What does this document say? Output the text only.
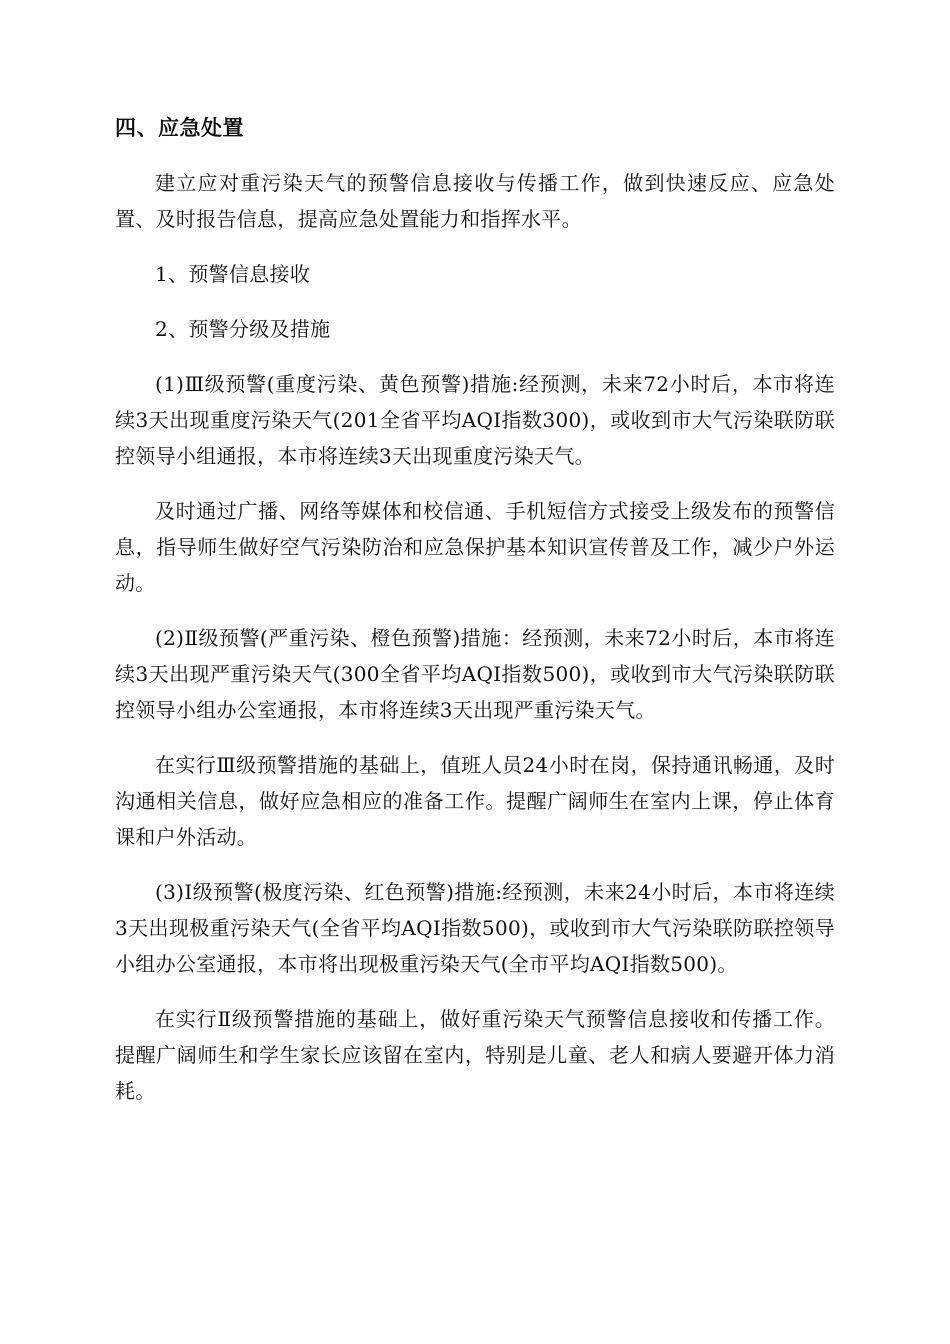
四、应急处置

建立应对重污染天气的预警信息接收与传播工作，做到快速反应、应急处置、及时报告信息，提高应急处置能力和指挥水平。

1、预警信息接收

2、预警分级及措施

(1)Ⅲ级预警(重度污染、黄色预警)措施:经预测，未来72小时后，本市将连续3天出现重度污染天气(201全省平均AQI指数300)，或收到市大气污染联防联控领导小组通报，本市将连续3天出现重度污染天气。

及时通过广播、网络等媒体和校信通、手机短信方式接受上级发布的预警信息，指导师生做好空气污染防治和应急保护基本知识宣传普及工作，减少户外运动。

(2)Ⅱ级预警(严重污染、橙色预警)措施：经预测，未来72小时后，本市将连续3天出现严重污染天气(300全省平均AQI指数500)，或收到市大气污染联防联控领导小组办公室通报，本市将连续3天出现严重污染天气。

在实行Ⅲ级预警措施的基础上，值班人员24小时在岗，保持通讯畅通，及时沟通相关信息，做好应急相应的准备工作。提醒广阔师生在室内上课，停止体育课和户外活动。

(3)Ⅰ级预警(极度污染、红色预警)措施:经预测，未来24小时后，本市将连续3天出现极重污染天气(全省平均AQI指数500)，或收到市大气污染联防联控领导小组办公室通报，本市将出现极重污染天气(全市平均AQI指数500)。

在实行Ⅱ级预警措施的基础上，做好重污染天气预警信息接收和传播工作。提醒广阔师生和学生家长应该留在室内，特别是儿童、老人和病人要避开体力消耗。
